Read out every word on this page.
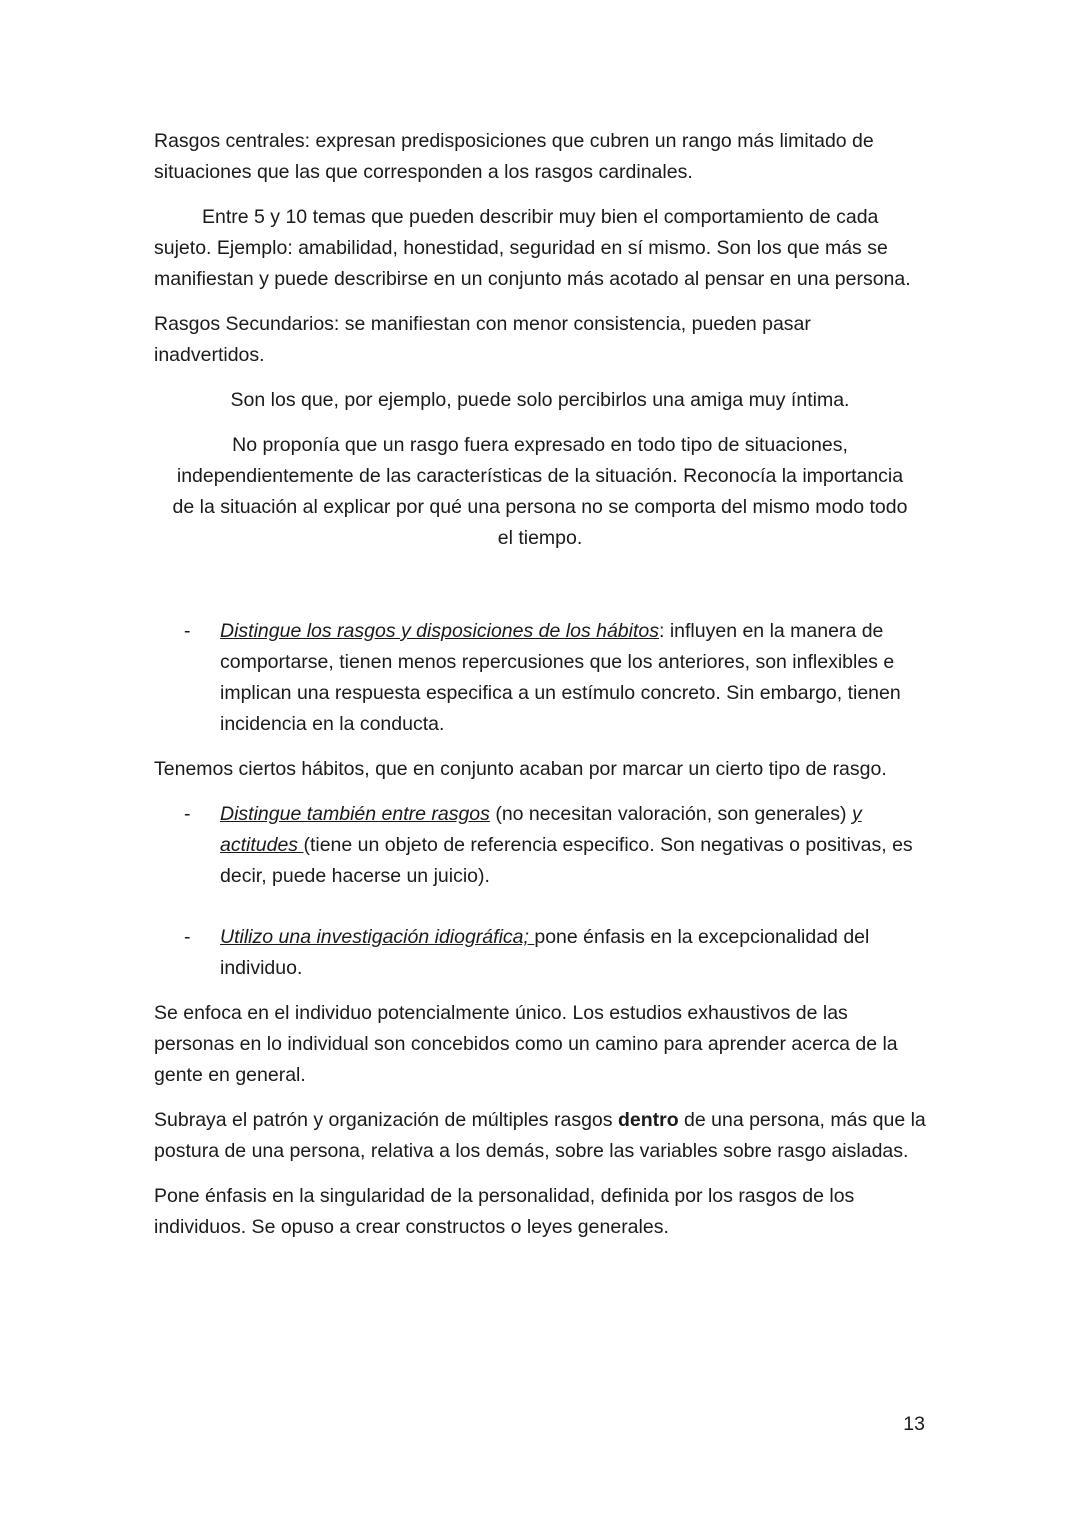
Rasgos centrales: expresan predisposiciones que cubren un rango más limitado de situaciones que las que corresponden a los rasgos cardinales.

Entre 5 y 10 temas que pueden describir muy bien el comportamiento de cada sujeto. Ejemplo: amabilidad, honestidad, seguridad en sí mismo. Son los que más se manifiestan y puede describirse en un conjunto más acotado al pensar en una persona.

Rasgos Secundarios: se manifiestan con menor consistencia, pueden pasar inadvertidos.

Son los que, por ejemplo, puede solo percibirlos una amiga muy íntima.

No proponía que un rasgo fuera expresado en todo tipo de situaciones, independientemente de las características de la situación. Reconocía la importancia de la situación al explicar por qué una persona no se comporta del mismo modo todo el tiempo.

- Distingue los rasgos y disposiciones de los hábitos: influyen en la manera de comportarse, tienen menos repercusiones que los anteriores, son inflexibles e implican una respuesta especifica a un estímulo concreto. Sin embargo, tienen incidencia en la conducta.

Tenemos ciertos hábitos, que en conjunto acaban por marcar un cierto tipo de rasgo.

- Distingue también entre rasgos (no necesitan valoración, son generales) y actitudes (tiene un objeto de referencia especifico. Son negativas o positivas, es decir, puede hacerse un juicio).
- Utilizo una investigación idiográfica; pone énfasis en la excepcionalidad del individuo.

Se enfoca en el individuo potencialmente único. Los estudios exhaustivos de las personas en lo individual son concebidos como un camino para aprender acerca de la gente en general.

Subraya el patrón y organización de múltiples rasgos dentro de una persona, más que la postura de una persona, relativa a los demás, sobre las variables sobre rasgo aisladas.

Pone énfasis en la singularidad de la personalidad, definida por los rasgos de los individuos. Se opuso a crear constructos o leyes generales.

13
